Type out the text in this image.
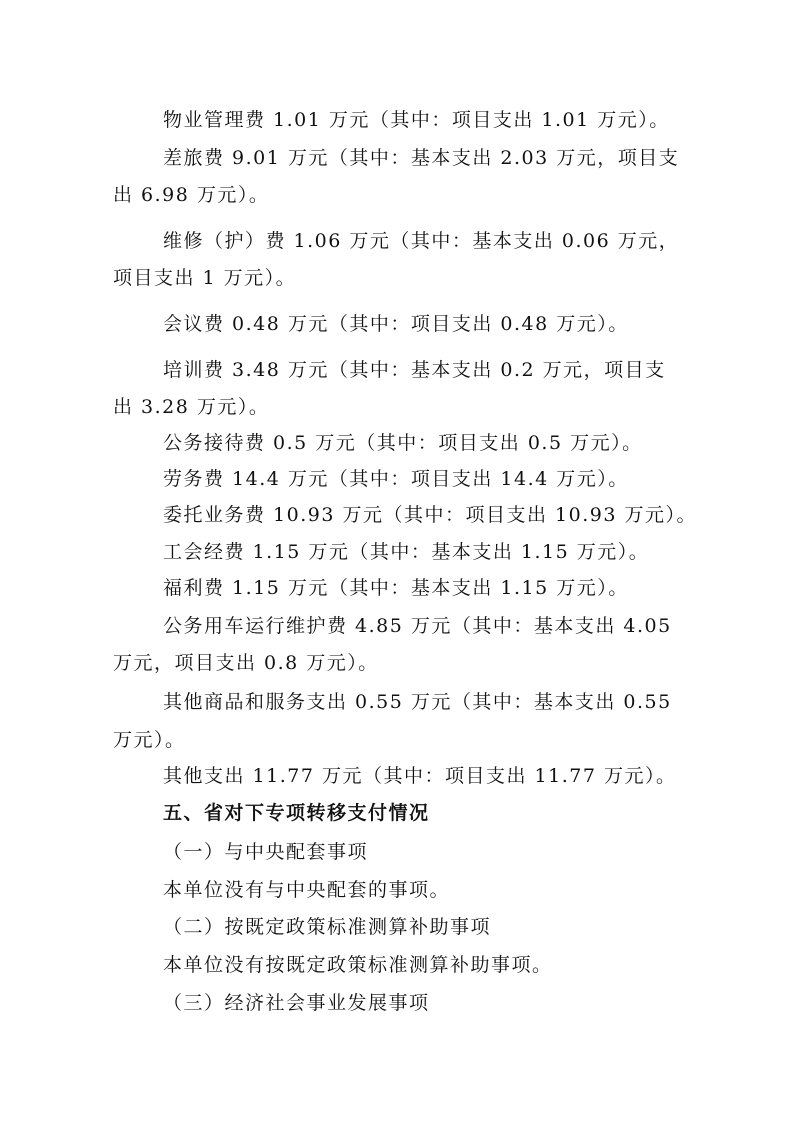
物业管理费 1.01 万元（其中：项目支出 1.01 万元）。
差旅费 9.01 万元（其中：基本支出 2.03 万元，项目支
出 6.98 万元）。
维修（护）费 1.06 万元（其中：基本支出 0.06 万元，
项目支出 1 万元）。
会议费 0.48 万元（其中：项目支出 0.48 万元）。
培训费 3.48 万元（其中：基本支出 0.2 万元，项目支
出 3.28 万元）。
公务接待费 0.5 万元（其中：项目支出 0.5 万元）。
劳务费 14.4 万元（其中：项目支出 14.4 万元）。
委托业务费 10.93 万元（其中：项目支出 10.93 万元）。
工会经费 1.15 万元（其中：基本支出 1.15 万元）。
福利费 1.15 万元（其中：基本支出 1.15 万元）。
公务用车运行维护费 4.85 万元（其中：基本支出 4.05
万元，项目支出 0.8 万元）。
其他商品和服务支出 0.55 万元（其中：基本支出 0.55
万元）。
其他支出 11.77 万元（其中：项目支出 11.77 万元）。
五、省对下专项转移支付情况
（一）与中央配套事项
本单位没有与中央配套的事项。
（二）按既定政策标准测算补助事项
本单位没有按既定政策标准测算补助事项。
（三）经济社会事业发展事项
